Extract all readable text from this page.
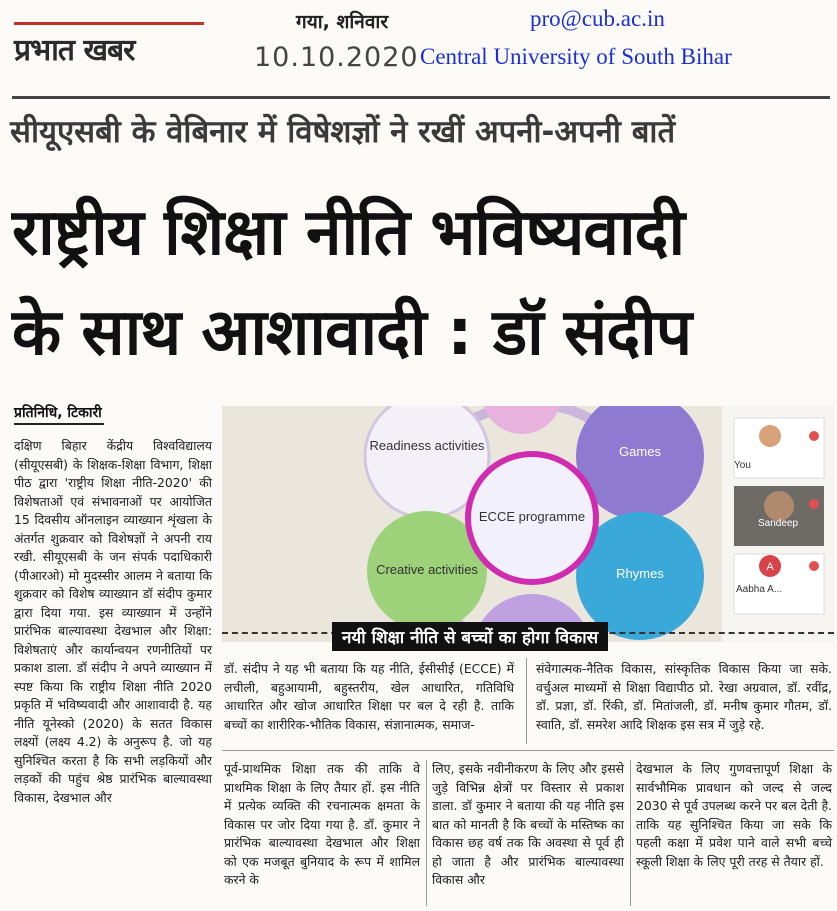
प्रभात खबर
गया, शनिवार
10.10.2020
pro@cub.ac.in
Central University of South Bihar
सीयूएसबी के वेबिनार में विषेशज्ञों ने रखीं अपनी-अपनी बातें
राष्ट्रीय शिक्षा नीति भविष्यवादी
के साथ आशावादी : डॉ संदीप
प्रतिनिधि, टिकारी
दक्षिण बिहार केंद्रीय विश्वविद्यालय (सीयूएसबी) के शिक्षक-शिक्षा विभाग, शिक्षा पीठ द्वारा 'राष्ट्रीय शिक्षा नीति-2020' की विशेषताओं एवं संभावनाओं पर आयोजित 15 दिवसीय ऑनलाइन व्याख्यान शृंखला के अंतर्गत शुक्रवार को विशेषज्ञों ने अपनी राय रखी. सीयूएसबी के जन संपर्क पदाधिकारी (पीआरओ) मो मुदस्सीर आलम ने बताया कि शुक्रवार को विशेष व्याख्यान डॉ संदीप कुमार द्वारा दिया गया. इस व्याख्यान में उन्होंने प्रारंभिक बाल्यावस्था देखभाल और शिक्षा: विशेषताएं और कार्यान्वयन रणनीतियों पर प्रकाश डाला. डॉ संदीप ने अपने व्याख्यान में स्पष्ट किया कि राष्ट्रीय शिक्षा नीति 2020 प्रकृति में भविष्यवादी और आशावादी है. यह नीति यूनेस्को (2020) के सतत विकास लक्ष्यों (लक्ष्य 4.2) के अनुरूप है. जो यह सुनिश्चित करता है कि सभी लड़कियों और लड़कों की पहुंच श्रेष्ठ प्रारंभिक बाल्यावस्था विकास, देखभाल और
Readiness activities	Games
ECCE programme
Creative activities	Rhymes
You
Sandeep
A
Aabha A...
नयी शिक्षा नीति से बच्चों का होगा विकास
डॉ. संदीप ने यह भी बताया कि यह नीति, ईसीसीई (ECCE) में लचीली, बहुआयामी, बहुस्तरीय, खेल आधारित, गतिविधि आधारित और खोज आधारित शिक्षा पर बल दे रही है. ताकि बच्चों का शारीरिक-भौतिक विकास, संज्ञानात्मक, समाज-
संवेगात्मक-नैतिक विकास, सांस्कृतिक विकास किया जा सके. वर्चुअल माध्यमों से शिक्षा विद्यापीठ प्रो. रेखा अग्रवाल, डॉ. रवींद्र, डॉ. प्रज्ञा, डॉ. रिंकी, डॉ. मितांजली, डॉ. मनीष कुमार गौतम, डॉ. स्वाति, डॉ. समरेश आदि शिक्षक इस सत्र में जुड़े रहे.
पूर्व-प्राथमिक शिक्षा तक की ताकि वे प्राथमिक शिक्षा के लिए तैयार हों. इस नीति में प्रत्येक व्यक्ति की रचनात्मक क्षमता के विकास पर जोर दिया गया है. डॉ. कुमार ने प्रारंभिक बाल्यावस्था देखभाल और शिक्षा को एक मजबूत बुनियाद के रूप में शामिल करने के
लिए, इसके नवीनीकरण के लिए और इससे जुड़े विभिन्न क्षेत्रों पर विस्तार से प्रकाश डाला. डॉ कुमार ने बताया की यह नीति इस बात को मानती है कि बच्चों के मस्तिष्क का विकास छह वर्ष तक कि अवस्था से पूर्व ही हो जाता है और प्रारंभिक बाल्यावस्था विकास और
देखभाल के लिए गुणवत्तापूर्ण शिक्षा के सार्वभौमिक प्रावधान को जल्द से जल्द 2030 से पूर्व उपलब्ध करने पर बल देती है. ताकि यह सुनिश्चित किया जा सके कि पहली कक्षा में प्रवेश पाने वाले सभी बच्चे स्कूली शिक्षा के लिए पूरी तरह से तैयार हों.
